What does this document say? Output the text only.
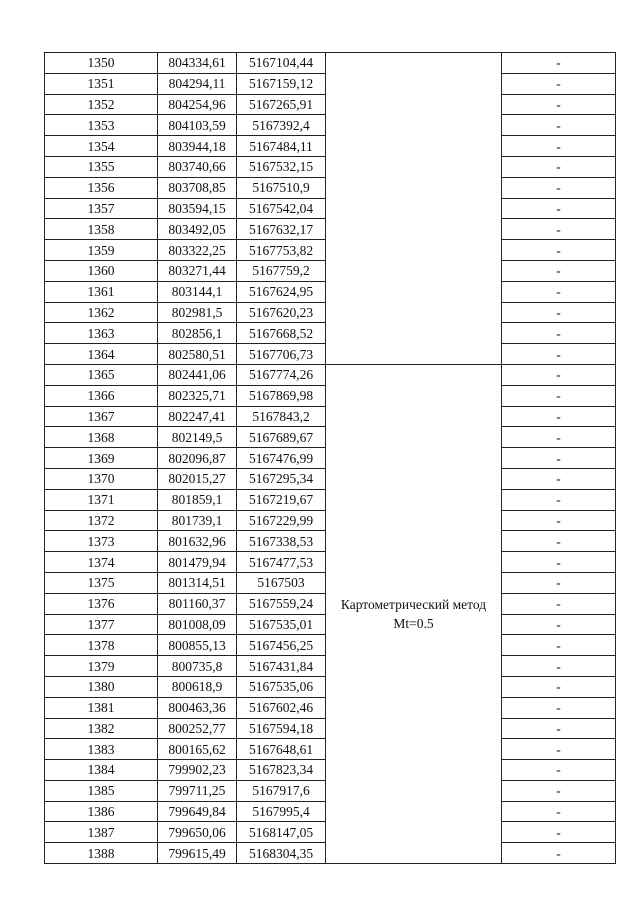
1350	804334,61	5167104,44		-
1351	804294,11	5167159,12		-
1352	804254,96	5167265,91		-
1353	804103,59	5167392,4		-
1354	803944,18	5167484,11		-
1355	803740,66	5167532,15		-
1356	803708,85	5167510,9		-
1357	803594,15	5167542,04		-
1358	803492,05	5167632,17		-
1359	803322,25	5167753,82		-
1360	803271,44	5167759,2		-
1361	803144,1	5167624,95		-
1362	802981,5	5167620,23		-
1363	802856,1	5167668,52		-
1364	802580,51	5167706,73		-
1365	802441,06	5167774,26	Картометрический метод
Mt=0.5	-
1366	802325,71	5167869,98		-
1367	802247,41	5167843,2		-
1368	802149,5	5167689,67		-
1369	802096,87	5167476,99		-
1370	802015,27	5167295,34		-
1371	801859,1	5167219,67		-
1372	801739,1	5167229,99		-
1373	801632,96	5167338,53		-
1374	801479,94	5167477,53		-
1375	801314,51	5167503		-
1376	801160,37	5167559,24		-
1377	801008,09	5167535,01		-
1378	800855,13	5167456,25		-
1379	800735,8	5167431,84		-
1380	800618,9	5167535,06		-
1381	800463,36	5167602,46		-
1382	800252,77	5167594,18		-
1383	800165,62	5167648,61		-
1384	799902,23	5167823,34		-
1385	799711,25	5167917,6		-
1386	799649,84	5167995,4		-
1387	799650,06	5168147,05		-
1388	799615,49	5168304,35		-
